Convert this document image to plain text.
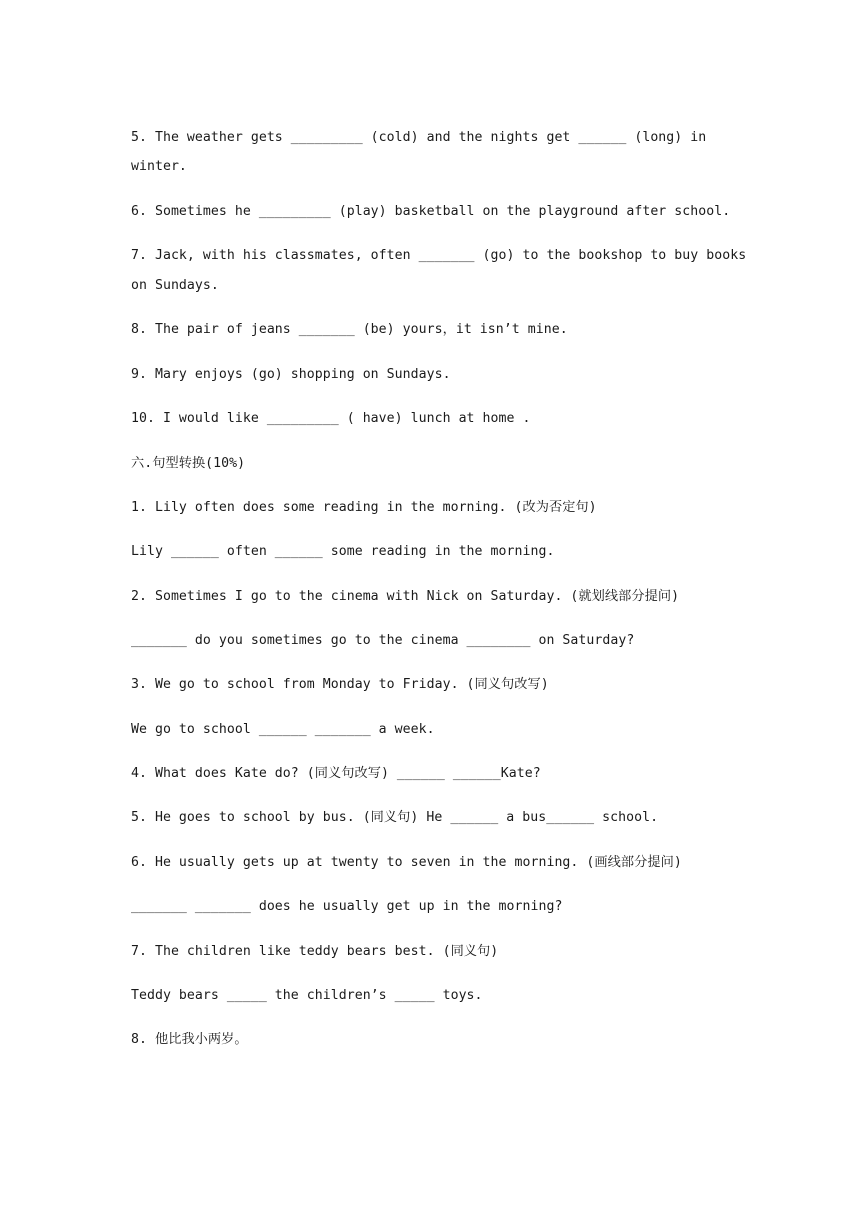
5. The weather gets _________ (cold) and the nights get ______ (long) in
winter.
6. Sometimes he _________ (play) basketball on the playground after school.
7. Jack, with his classmates, often _______ (go) to the bookshop to buy books
on Sundays.
8. The pair of jeans _______ (be) yours，it isn’t mine.
9. Mary enjoys (go) shopping on Sundays.
10. I would like _________ ( have) lunch at home .
六.句型转换(10%)
1. Lily often does some reading in the morning. (改为否定句)
Lily ______ often ______ some reading in the morning.
2. Sometimes I go to the cinema with Nick on Saturday. (就划线部分提问)
_______ do you sometimes go to the cinema ________ on Saturday?
3. We go to school from Monday to Friday. (同义句改写)
We go to school ______ _______ a week.
4. What does Kate do? (同义句改写) ______ ______Kate?
5. He goes to school by bus. (同义句) He ______ a bus______ school.
6. He usually gets up at twenty to seven in the morning. (画线部分提问)
_______ _______ does he usually get up in the morning?
7. The children like teddy bears best. (同义句)
Teddy bears _____ the children’s _____ toys.
8. 他比我小两岁。
